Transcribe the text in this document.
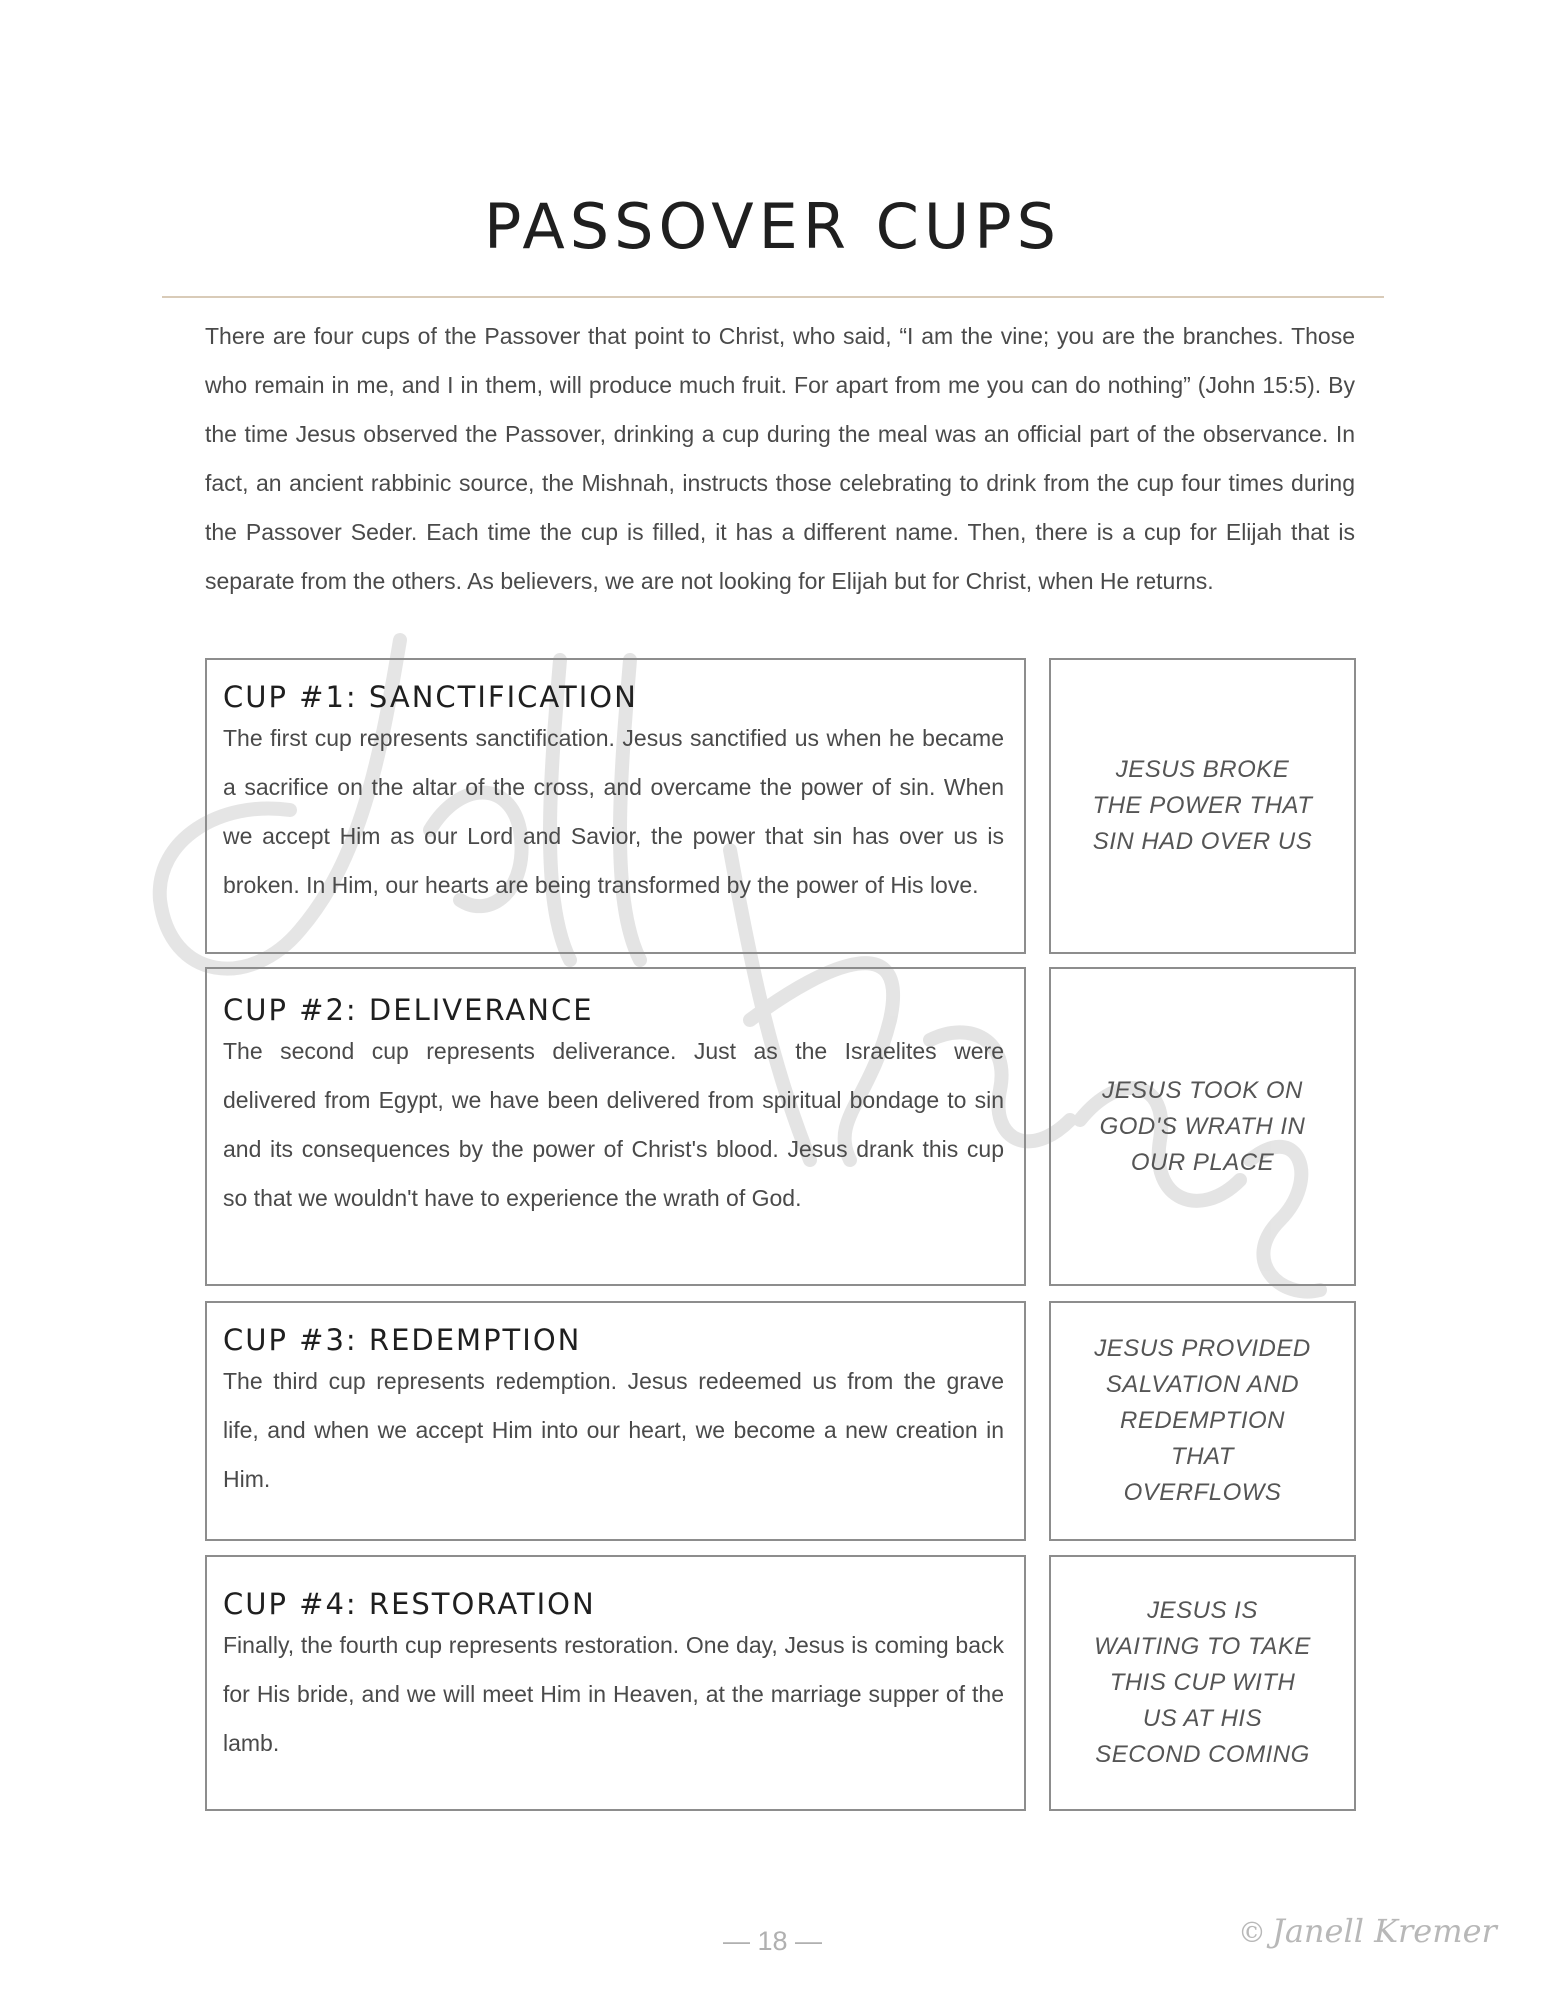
PASSOVER CUPS

There are four cups of the Passover that point to Christ, who said, “I am the vine; you are the branches. Those who remain in me, and I in them, will produce much fruit. For apart from me you can do nothing” (John 15:5). By the time Jesus observed the Passover, drinking a cup during the meal was an official part of the observance. In fact, an ancient rabbinic source, the Mishnah, instructs those celebrating to drink from the cup four times during the Passover Seder. Each time the cup is filled, it has a different name. Then, there is a cup for Elijah that is separate from the others. As believers, we are not looking for Elijah but for Christ, when He returns.

CUP #1: SANCTIFICATION

The first cup represents sanctification. Jesus sanctified us when he became a sacrifice on the altar of the cross, and overcame the power of sin. When we accept Him as our Lord and Savior, the power that sin has over us is broken. In Him, our hearts are being transformed by the power of His love.

JESUS BROKE THE POWER THAT SIN HAD OVER US
CUP #2: DELIVERANCE

The second cup represents deliverance. Just as the Israelites were delivered from Egypt, we have been delivered from spiritual bondage to sin and its consequences by the power of Christ's blood. Jesus drank this cup so that we wouldn't have to experience the wrath of God.

JESUS TOOK ON GOD'S WRATH IN OUR PLACE
CUP #3: REDEMPTION

The third cup represents redemption. Jesus redeemed us from the grave life, and when we accept Him into our heart, we become a new creation in Him.

JESUS PROVIDED SALVATION AND REDEMPTION THAT OVERFLOWS
CUP #4: RESTORATION

Finally, the fourth cup represents restoration. One day, Jesus is coming back for His bride, and we will meet Him in Heaven, at the marriage supper of the lamb.

JESUS IS WAITING TO TAKE THIS CUP WITH US AT HIS SECOND COMING
— 18 —	© Janell Kremer
